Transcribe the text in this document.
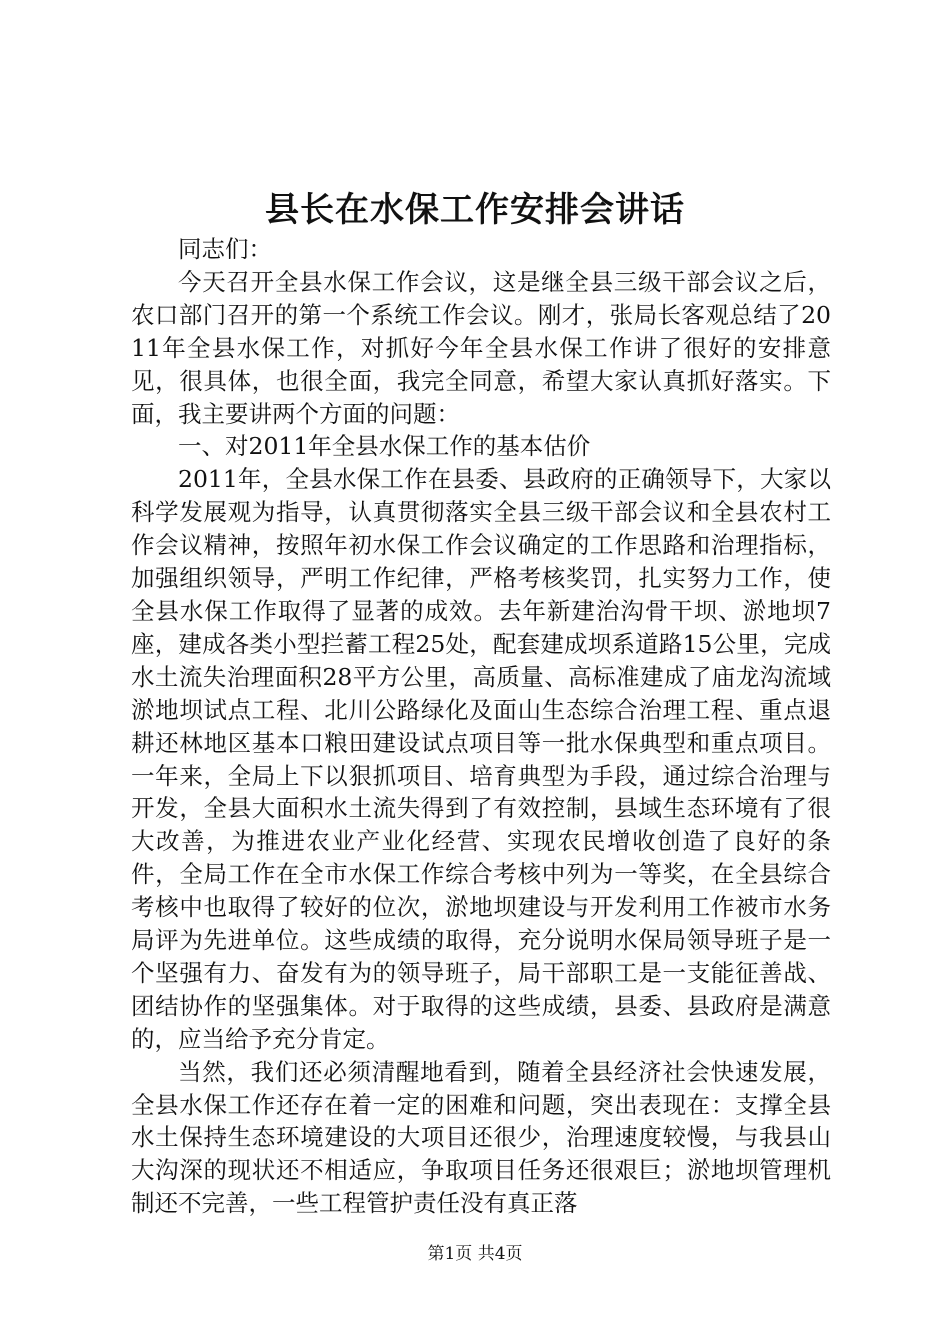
县长在水保工作安排会讲话

同志们：

今天召开全县水保工作会议，这是继全县三级干部会议之后，农口部门召开的第一个系统工作会议。刚才，张局长客观总结了2011年全县水保工作，对抓好今年全县水保工作讲了很好的安排意见，很具体，也很全面，我完全同意，希望大家认真抓好落实。下面，我主要讲两个方面的问题：

一、对2011年全县水保工作的基本估价

2011年，全县水保工作在县委、县政府的正确领导下，大家以科学发展观为指导，认真贯彻落实全县三级干部会议和全县农村工作会议精神，按照年初水保工作会议确定的工作思路和治理指标，加强组织领导，严明工作纪律，严格考核奖罚，扎实努力工作，使全县水保工作取得了显著的成效。去年新建治沟骨干坝、淤地坝7座，建成各类小型拦蓄工程25处，配套建成坝系道路15公里，完成水土流失治理面积28平方公里，高质量、高标准建成了庙龙沟流域淤地坝试点工程、北川公路绿化及面山生态综合治理工程、重点退耕还林地区基本口粮田建设试点项目等一批水保典型和重点项目。一年来，全局上下以狠抓项目、培育典型为手段，通过综合治理与开发，全县大面积水土流失得到了有效控制，县域生态环境有了很大改善，为推进农业产业化经营、实现农民增收创造了良好的条件，全局工作在全市水保工作综合考核中列为一等奖，在全县综合考核中也取得了较好的位次，淤地坝建设与开发利用工作被市水务局评为先进单位。这些成绩的取得，充分说明水保局领导班子是一个坚强有力、奋发有为的领导班子，局干部职工是一支能征善战、团结协作的坚强集体。对于取得的这些成绩，县委、县政府是满意的，应当给予充分肯定。

当然，我们还必须清醒地看到，随着全县经济社会快速发展，全县水保工作还存在着一定的困难和问题，突出表现在：支撑全县水土保持生态环境建设的大项目还很少，治理速度较慢，与我县山大沟深的现状还不相适应，争取项目任务还很艰巨；淤地坝管理机制还不完善，一些工程管护责任没有真正落

第1页 共4页
